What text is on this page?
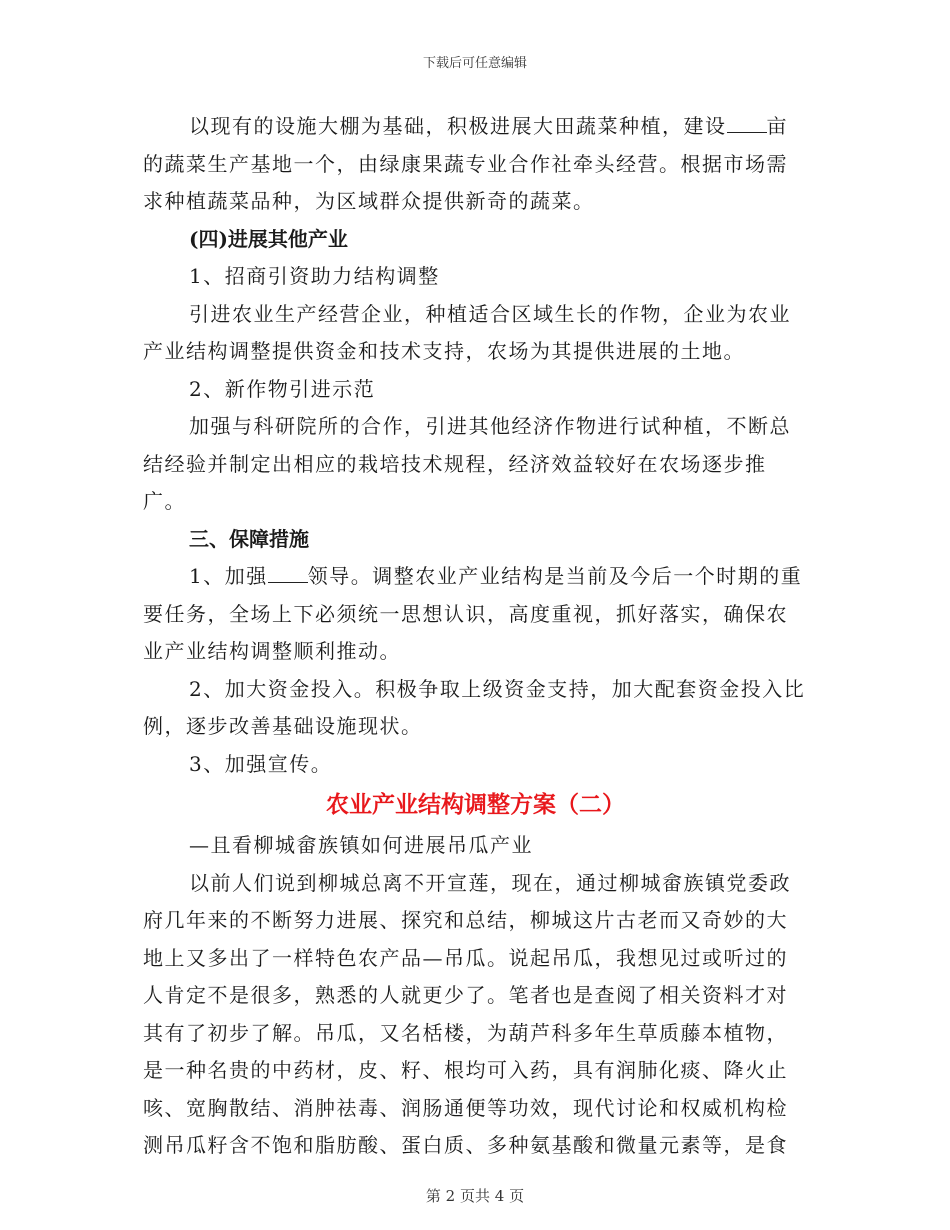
下载后可任意编辑

以现有的设施大棚为基础，积极进展大田蔬菜种植，建设 亩的蔬菜生产基地一个，由绿康果蔬专业合作社牵头经营。根据市场需求种植蔬菜品种，为区域群众提供新奇的蔬菜。

(四)进展其他产业

1、招商引资助力结构调整

引进农业生产经营企业，种植适合区域生长的作物，企业为农业产业结构调整提供资金和技术支持，农场为其提供进展的土地。

2、新作物引进示范

加强与科研院所的合作，引进其他经济作物进行试种植，不断总结经验并制定出相应的栽培技术规程，经济效益较好在农场逐步推广。

三、保障措施

1、加强 领导。调整农业产业结构是当前及今后一个时期的重要任务，全场上下必须统一思想认识，高度重视，抓好落实，确保农业产业结构调整顺利推动。

2、加大资金投入。积极争取上级资金支持，加大配套资金投入比例，逐步改善基础设施现状。

3、加强宣传。

农业产业结构调整方案（二）

—且看柳城畲族镇如何进展吊瓜产业

以前人们说到柳城总离不开宣莲，现在，通过柳城畲族镇党委政府几年来的不断努力进展、探究和总结，柳城这片古老而又奇妙的大地上又多出了一样特色农产品—吊瓜。说起吊瓜，我想见过或听过的人肯定不是很多，熟悉的人就更少了。笔者也是查阅了相关资料才对其有了初步了解。吊瓜，又名栝楼，为葫芦科多年生草质藤本植物，是一种名贵的中药材，皮、籽、根均可入药，具有润肺化痰、降火止咳、宽胸散结、消肿祛毒、润肠通便等功效，现代讨论和权威机构检测吊瓜籽含不饱和脂肪酸、蛋白质、多种氨基酸和微量元素等，是食

第 2 页共 4 页
